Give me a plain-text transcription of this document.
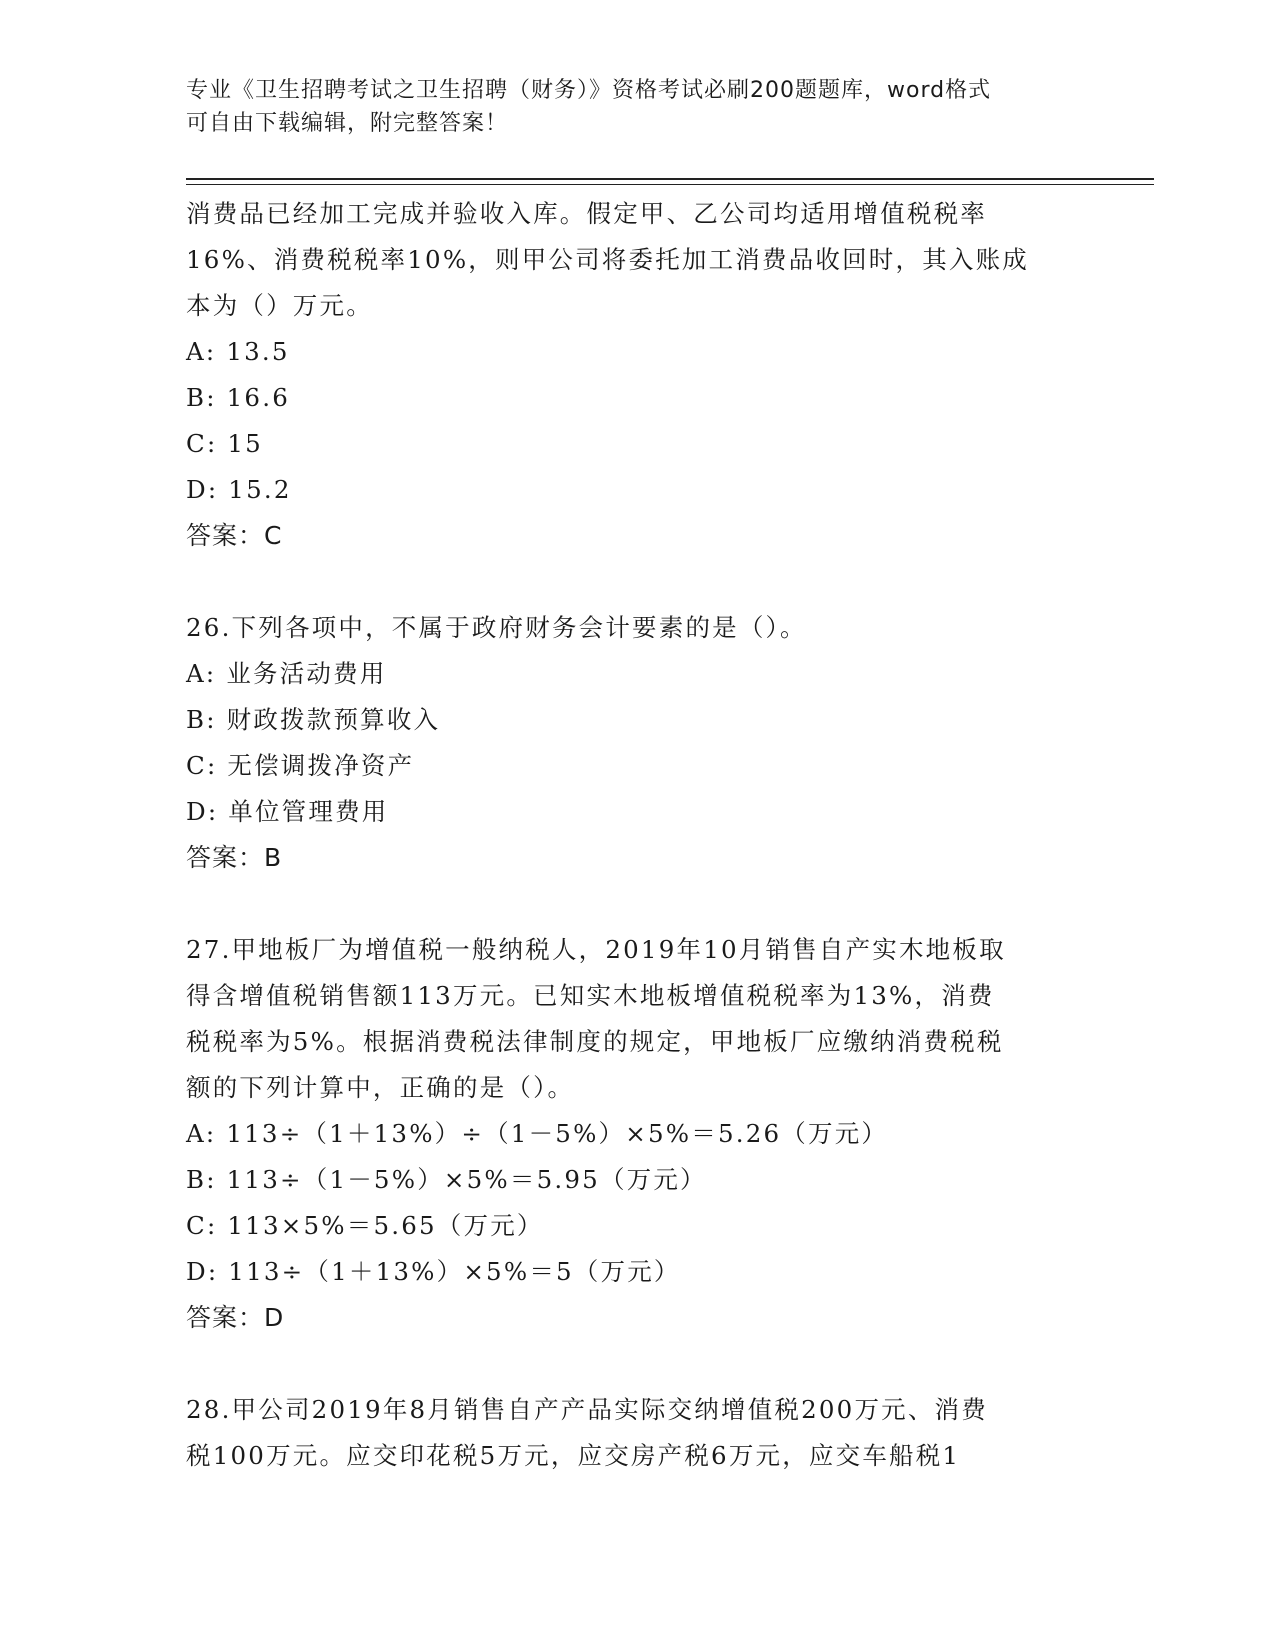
专业《卫生招聘考试之卫生招聘（财务）》资格考试必刷200题题库，word格式
可自由下载编辑，附完整答案！

消费品已经加工完成并验收入库。假定甲、乙公司均适用增值税税率

16%、消费税税率10%，则甲公司将委托加工消费品收回时，其入账成

本为（）万元。

A: 13.5

B: 16.6

C: 15

D: 15.2

答案：C

26.下列各项中，不属于政府财务会计要素的是（）。

A: 业务活动费用

B: 财政拨款预算收入

C: 无偿调拨净资产

D: 单位管理费用

答案：B

27.甲地板厂为增值税一般纳税人，2019年10月销售自产实木地板取

得含增值税销售额113万元。已知实木地板增值税税率为13%，消费

税税率为5%。根据消费税法律制度的规定，甲地板厂应缴纳消费税税

额的下列计算中，正确的是（）。

A: 113÷（1＋13%）÷（1－5%）×5%＝5.26（万元）

B: 113÷（1－5%）×5%＝5.95（万元）

C: 113×5%＝5.65（万元）

D: 113÷（1＋13%）×5%＝5（万元）

答案：D

28.甲公司2019年8月销售自产产品实际交纳增值税200万元、消费

税100万元。应交印花税5万元，应交房产税6万元，应交车船税1
